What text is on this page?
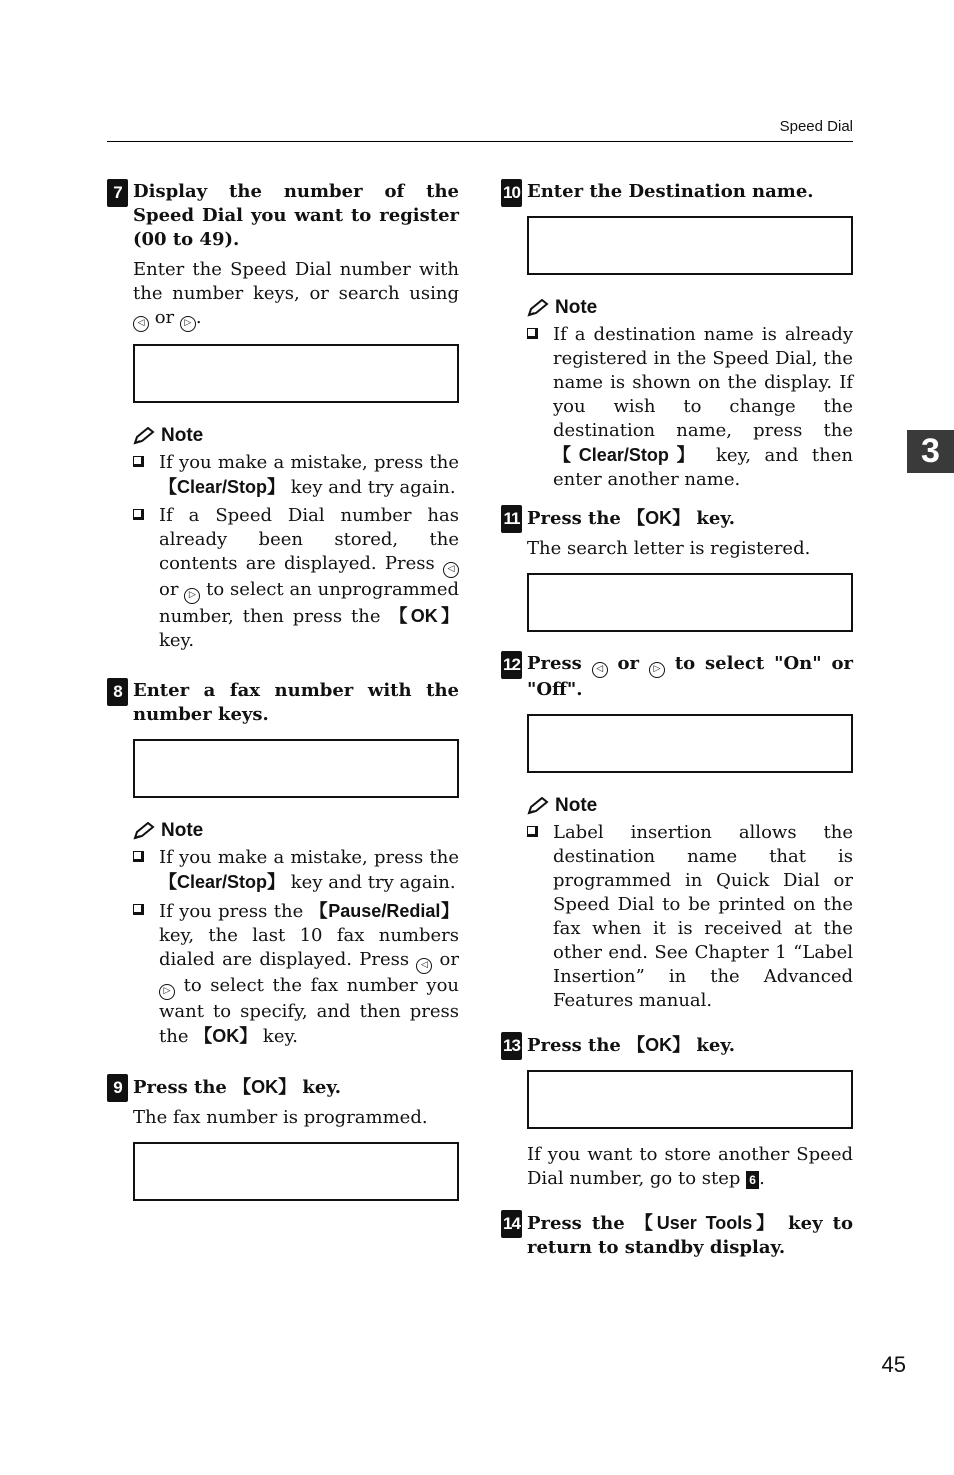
Speed Dial
3
45
7 Display the number of the Speed Dial you want to register (00 to 49).

Enter the Speed Dial number with the number keys, or search using ◁ or ▷ .

Note
If you make a mistake, press the 【Clear/Stop】 key and try again.
If a Speed Dial number has already been stored, the contents are displayed. Press ◁ or ▷ to select an unprogrammed number, then press the 【OK】 key.
8 Enter a fax number with the number keys.

Note
If you make a mistake, press the 【Clear/Stop】 key and try again.
If you press the 【Pause/Redial】 key, the last 10 fax numbers dialed are displayed. Press ◁ or ▷ to select the fax number you want to specify, and then press the 【OK】 key.
9 Press the 【OK】 key.

The fax number is programmed.

10 Enter the Destination name.

Note
If a destination name is already registered in the Speed Dial, the name is shown on the display. If you wish to change the destination name, press the 【Clear/Stop】 key, and then enter another name.
11 Press the 【OK】 key.

The search letter is registered.

12 Press ◁ or ▷ to select "On" or "Off".

Note
Label insertion allows the destination name that is programmed in Quick Dial or Speed Dial to be printed on the fax when it is received at the other end. See Chapter 1 “Label Insertion” in the Advanced Features manual.
13 Press the 【OK】 key.

If you want to store another Speed Dial number, go to step 6 .

14 Press the 【User Tools】 key to return to standby display.
